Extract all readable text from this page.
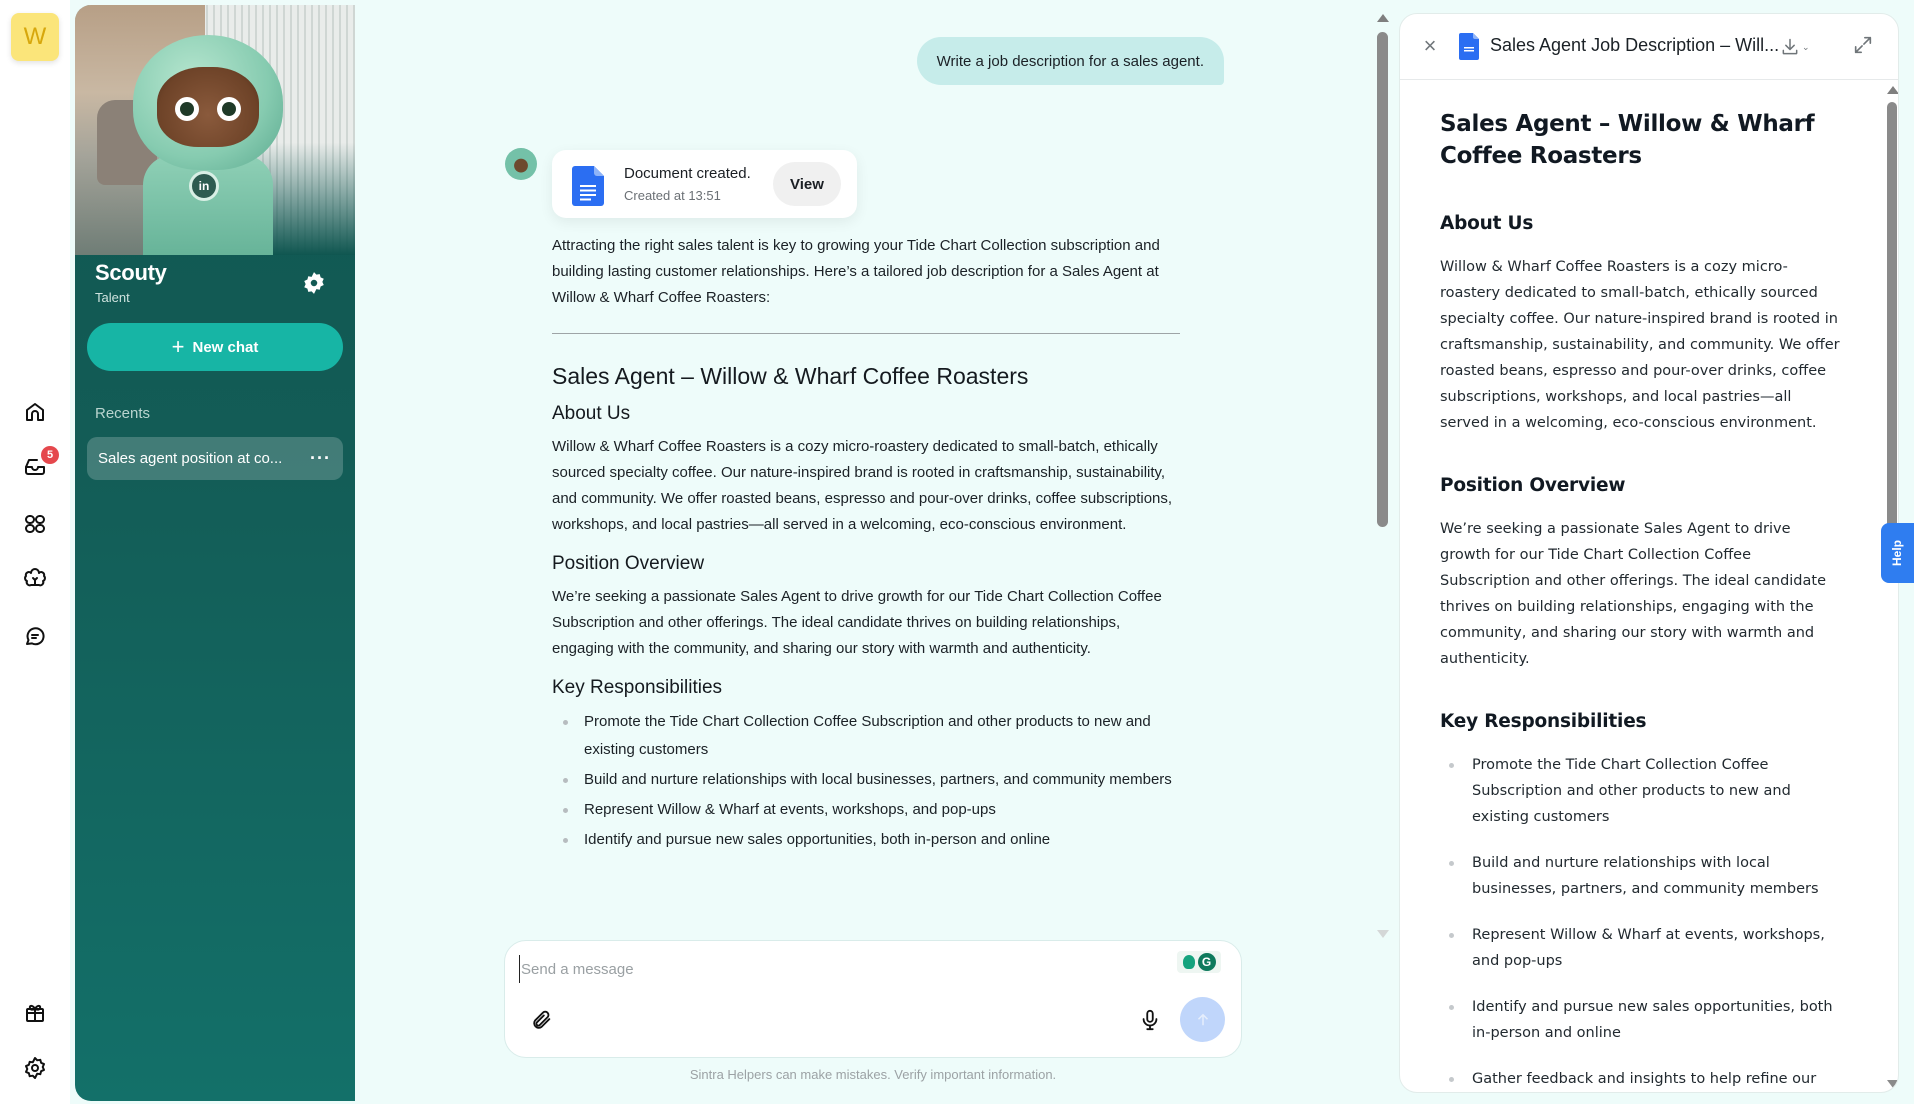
W
5
in
Scouty
Talent
+ New chat
Recents
Sales agent position at co...	···
Write a job description for a sales agent.
Document created.
Created at 13:51
View

Attracting the right sales talent is key to growing your Tide Chart Collection subscription and building lasting customer relationships. Here’s a tailored job description for a Sales Agent at Willow & Wharf Coffee Roasters:

Sales Agent – Willow & Wharf Coffee Roasters
About Us

Willow & Wharf Coffee Roasters is a cozy micro-roastery dedicated to small-batch, ethically sourced specialty coffee. Our nature-inspired brand is rooted in craftsmanship, sustainability, and community. We offer roasted beans, espresso and pour-over drinks, coffee subscriptions, workshops, and local pastries—all served in a welcoming, eco-conscious environment.

Position Overview

We’re seeking a passionate Sales Agent to drive growth for our Tide Chart Collection Coffee Subscription and other offerings. The ideal candidate thrives on building relationships, engaging with the community, and sharing our story with warmth and authenticity.

Key Responsibilities
Promote the Tide Chart Collection Coffee Subscription and other products to new and existing customers
Build and nurture relationships with local businesses, partners, and community members
Represent Willow & Wharf at events, workshops, and pop-ups
Identify and pursue new sales opportunities, both in-person and online
Send a message
G
Sintra Helpers can make mistakes. Verify important information.
×	Sales Agent Job Description – Will...	⌄
Sales Agent – Willow & Wharf Coffee Roasters
About Us

Willow & Wharf Coffee Roasters is a cozy micro-roastery dedicated to small-batch, ethically sourced specialty coffee. Our nature-inspired brand is rooted in craftsmanship, sustainability, and community. We offer roasted beans, espresso and pour-over drinks, coffee subscriptions, workshops, and local pastries—all served in a welcoming, eco-conscious environment.

Position Overview

We’re seeking a passionate Sales Agent to drive growth for our Tide Chart Collection Coffee Subscription and other offerings. The ideal candidate thrives on building relationships, engaging with the community, and sharing our story with warmth and authenticity.

Key Responsibilities
Promote the Tide Chart Collection Coffee Subscription and other products to new and existing customers
Build and nurture relationships with local businesses, partners, and community members
Represent Willow & Wharf at events, workshops, and pop-ups
Identify and pursue new sales opportunities, both in-person and online
Gather feedback and insights to help refine our
Help
